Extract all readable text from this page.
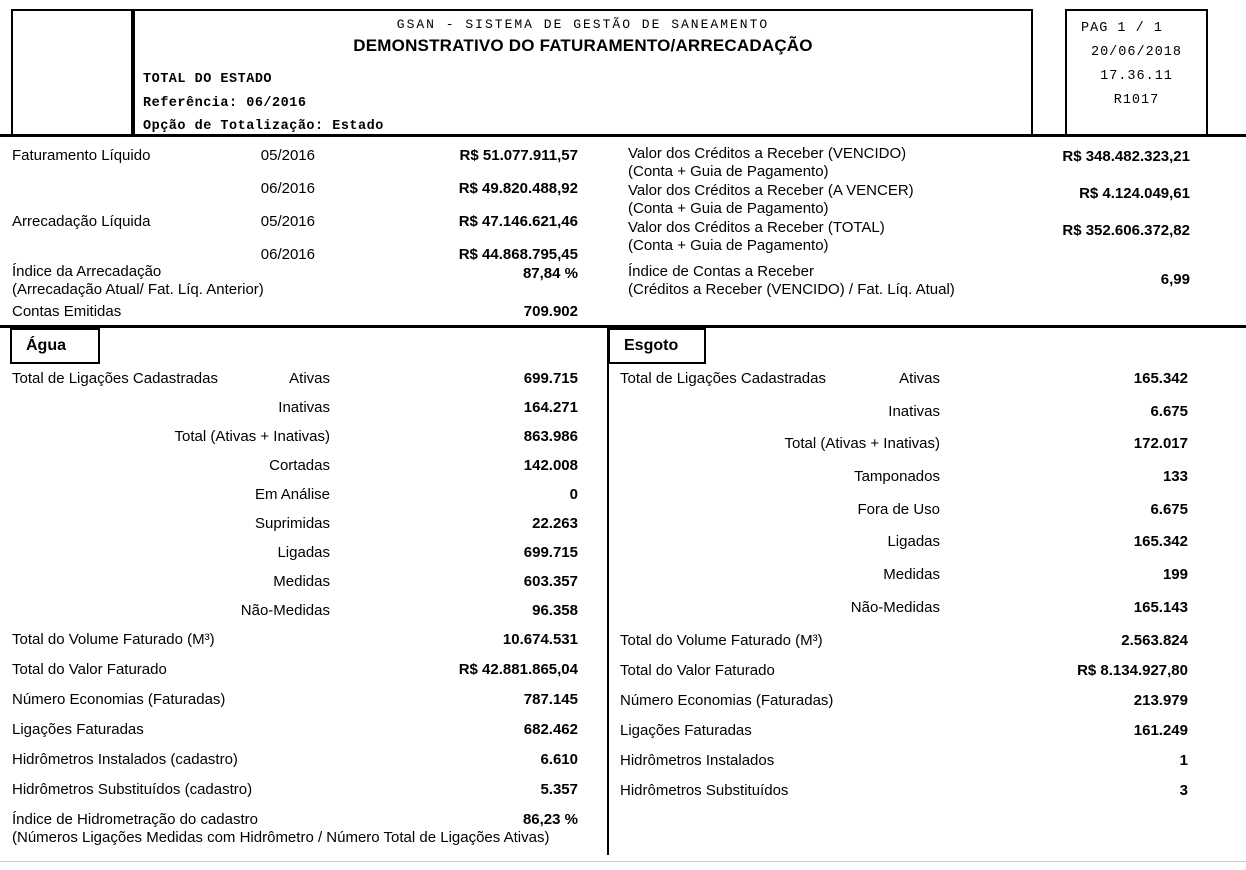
GSAN - SISTEMA DE GESTÃO DE SANEAMENTO
DEMONSTRATIVO DO FATURAMENTO/ARRECADAÇÃO
TOTAL DO ESTADO
Referência: 06/2016
Opção de Totalização: Estado
PAG 1 / 1
20/06/2018
17.36.11
R1017
Faturamento Líquido	05/2016	R$ 51.077.911,57
06/2016	R$ 49.820.488,92
Arrecadação Líquida	05/2016	R$ 47.146.621,46
06/2016	R$ 44.868.795,45
Valor dos Créditos a Receber (VENCIDO)
(Conta + Guia de Pagamento)
R$ 348.482.323,21
Valor dos Créditos a Receber (A VENCER)
(Conta + Guia de Pagamento)
R$ 4.124.049,61
Valor dos Créditos a Receber (TOTAL)
(Conta + Guia de Pagamento)
R$ 352.606.372,82
Índice da Arrecadação
(Arrecadação Atual/ Fat. Líq. Anterior)
87,84 %	Índice de Contas a Receber
(Créditos a Receber (VENCIDO) / Fat. Líq. Atual)
6,99
Contas Emitidas	709.902
Água
Total de Ligações Cadastradas	Ativas	699.715
Inativas	164.271
Total (Ativas + Inativas)	863.986
Cortadas	142.008
Em Análise	0
Suprimidas	22.263
Ligadas	699.715
Medidas	603.357
Não-Medidas	96.358
Total do Volume Faturado (M³)	10.674.531
Total do Valor Faturado	R$ 42.881.865,04
Número Economias (Faturadas)	787.145
Ligações Faturadas	682.462
Hidrômetros Instalados (cadastro)	6.610
Hidrômetros Substituídos (cadastro)	5.357
Índice de Hidrometração do cadastro	86,23 %
(Números Ligações Medidas com Hidrômetro / Número Total de Ligações Ativas)
Esgoto
Total de Ligações Cadastradas	Ativas	165.342
Inativas	6.675
Total (Ativas + Inativas)	172.017
Tamponados	133
Fora de Uso	6.675
Ligadas	165.342
Medidas	199
Não-Medidas	165.143
Total do Volume Faturado (M³)	2.563.824
Total do Valor Faturado	R$ 8.134.927,80
Número Economias (Faturadas)	213.979
Ligações Faturadas	161.249
Hidrômetros Instalados	1
Hidrômetros Substituídos	3
